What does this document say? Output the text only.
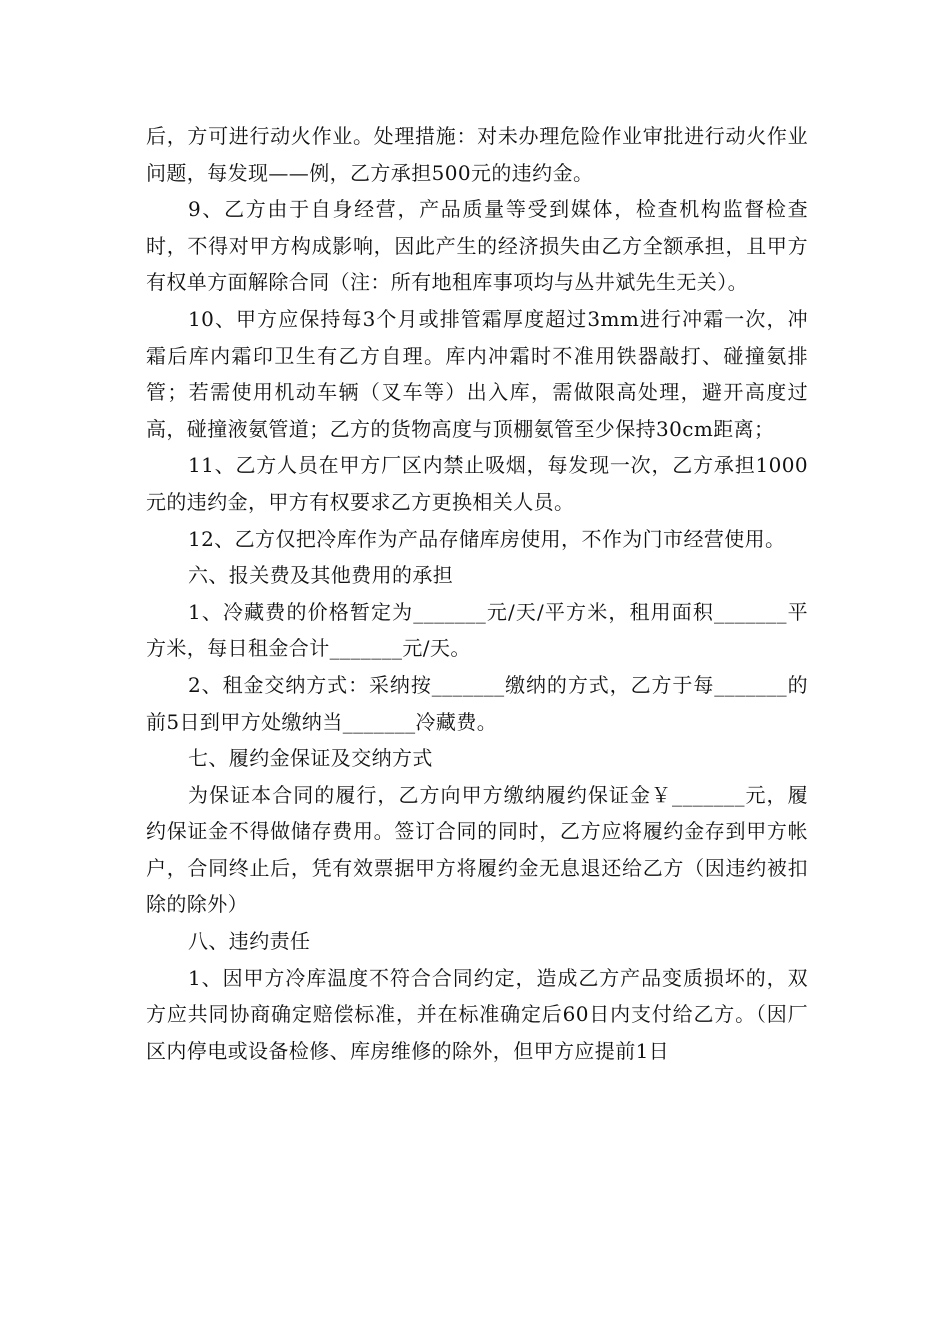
后，方可进行动火作业。处理措施：对未办理危险作业审批进行动火作业问题，每发现——例，乙方承担500元的违约金。

9、乙方由于自身经营，产品质量等受到媒体，检查机构监督检查时，不得对甲方构成影响，因此产生的经济损失由乙方全额承担，且甲方有权单方面解除合同（注：所有地租库事项均与丛井斌先生无关）。

10、甲方应保持每3个月或排管霜厚度超过3mm进行冲霜一次，冲霜后库内霜印卫生有乙方自理。库内冲霜时不准用铁器敲打、碰撞氨排管；若需使用机动车辆（叉车等）出入库，需做限高处理，避开高度过高，碰撞液氨管道；乙方的货物高度与顶棚氨管至少保持30cm距离；

11、乙方人员在甲方厂区内禁止吸烟，每发现一次，乙方承担1000元的违约金，甲方有权要求乙方更换相关人员。

12、乙方仅把冷库作为产品存储库房使用，不作为门市经营使用。

六、报关费及其他费用的承担

1、冷藏费的价格暂定为_______元/天/平方米，租用面积_______平方米，每日租金合计_______元/天。

2、租金交纳方式：采纳按_______缴纳的方式，乙方于每_______的前5日到甲方处缴纳当_______冷藏费。

七、履约金保证及交纳方式

为保证本合同的履行，乙方向甲方缴纳履约保证金￥_______元，履约保证金不得做储存费用。签订合同的同时，乙方应将履约金存到甲方帐户，合同终止后，凭有效票据甲方将履约金无息退还给乙方（因违约被扣除的除外）

八、违约责任

1、因甲方冷库温度不符合合同约定，造成乙方产品变质损坏的，双方应共同协商确定赔偿标准，并在标准确定后60日内支付给乙方。（因厂区内停电或设备检修、库房维修的除外，但甲方应提前1日
